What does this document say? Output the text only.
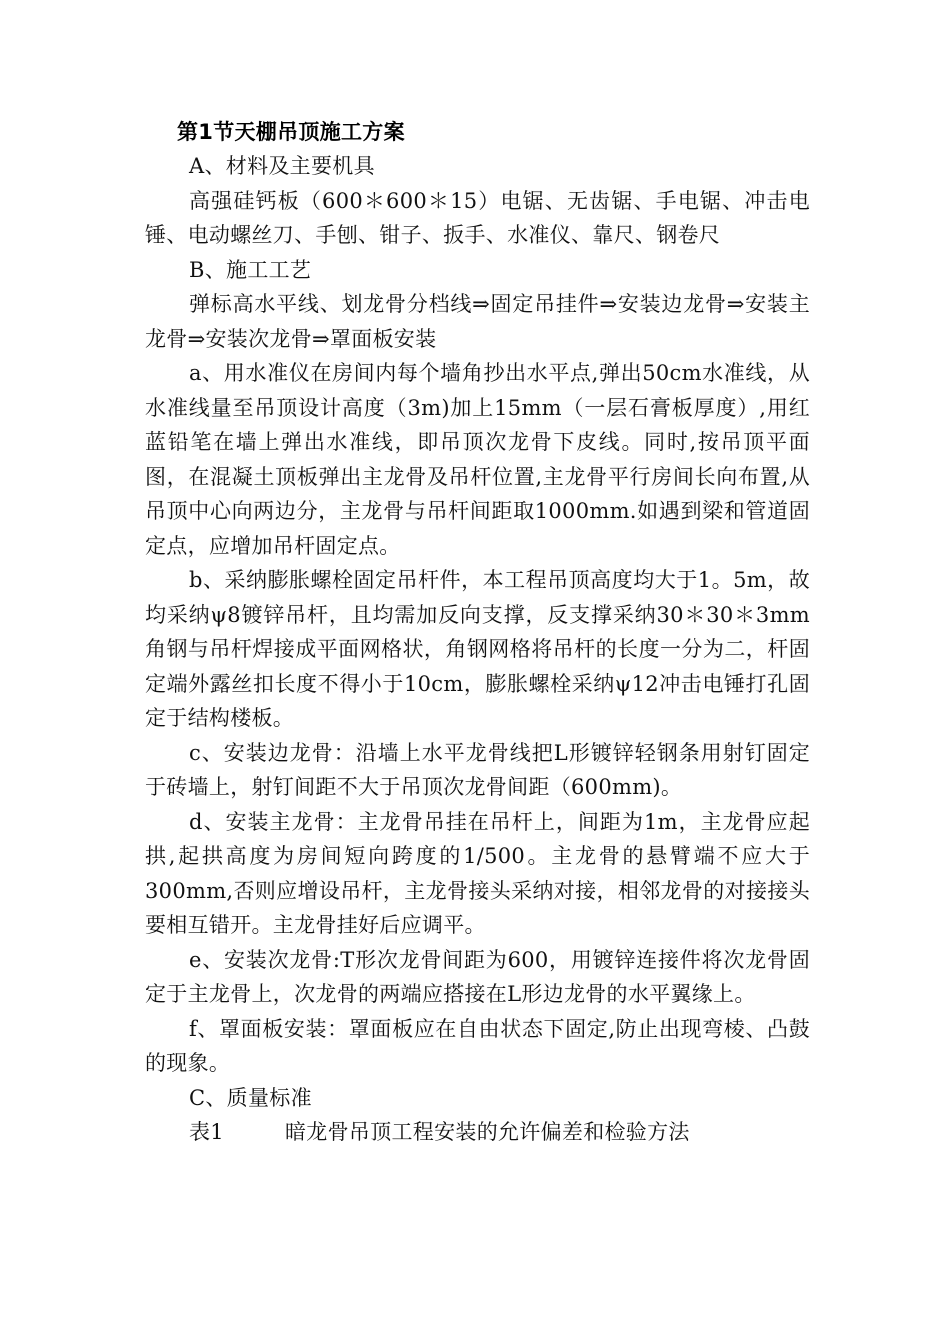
第1节天棚吊顶施工方案

A、材料及主要机具

高强硅钙板（600＊600＊15）电锯、无齿锯、手电锯、冲击电锤、电动螺丝刀、手刨、钳子、扳手、水准仪、靠尺、钢卷尺

B、施工工艺

弹标高水平线、划龙骨分档线⇒固定吊挂件⇒安装边龙骨⇒安装主龙骨⇒安装次龙骨⇒罩面板安装

a、用水准仪在房间内每个墙角抄出水平点,弹出50cm水准线，从水准线量至吊顶设计高度（3m)加上15mm（一层石膏板厚度）,用红蓝铅笔在墙上弹出水准线，即吊顶次龙骨下皮线。同时,按吊顶平面图，在混凝土顶板弹出主龙骨及吊杆位置,主龙骨平行房间长向布置,从吊顶中心向两边分，主龙骨与吊杆间距取1000mm.如遇到梁和管道固定点，应增加吊杆固定点。

b、采纳膨胀螺栓固定吊杆件，本工程吊顶高度均大于1。5m，故均采纳ψ8镀锌吊杆，且均需加反向支撑，反支撑采纳30＊30＊3mm角钢与吊杆焊接成平面网格状，角钢网格将吊杆的长度一分为二，杆固定端外露丝扣长度不得小于10cm，膨胀螺栓采纳ψ12冲击电锤打孔固定于结构楼板。

c、安装边龙骨：沿墙上水平龙骨线把L形镀锌轻钢条用射钉固定于砖墙上，射钉间距不大于吊顶次龙骨间距（600mm)。

d、安装主龙骨：主龙骨吊挂在吊杆上，间距为1m，主龙骨应起拱,起拱高度为房间短向跨度的1/500。主龙骨的悬臂端不应大于300mm,否则应增设吊杆，主龙骨接头采纳对接，相邻龙骨的对接接头要相互错开。主龙骨挂好后应调平。

e、安装次龙骨:T形次龙骨间距为600，用镀锌连接件将次龙骨固定于主龙骨上，次龙骨的两端应搭接在L形边龙骨的水平翼缘上。

f、罩面板安装：罩面板应在自由状态下固定,防止出现弯棱、凸鼓的现象。

C、质量标准

表1	暗龙骨吊顶工程安装的允许偏差和检验方法
